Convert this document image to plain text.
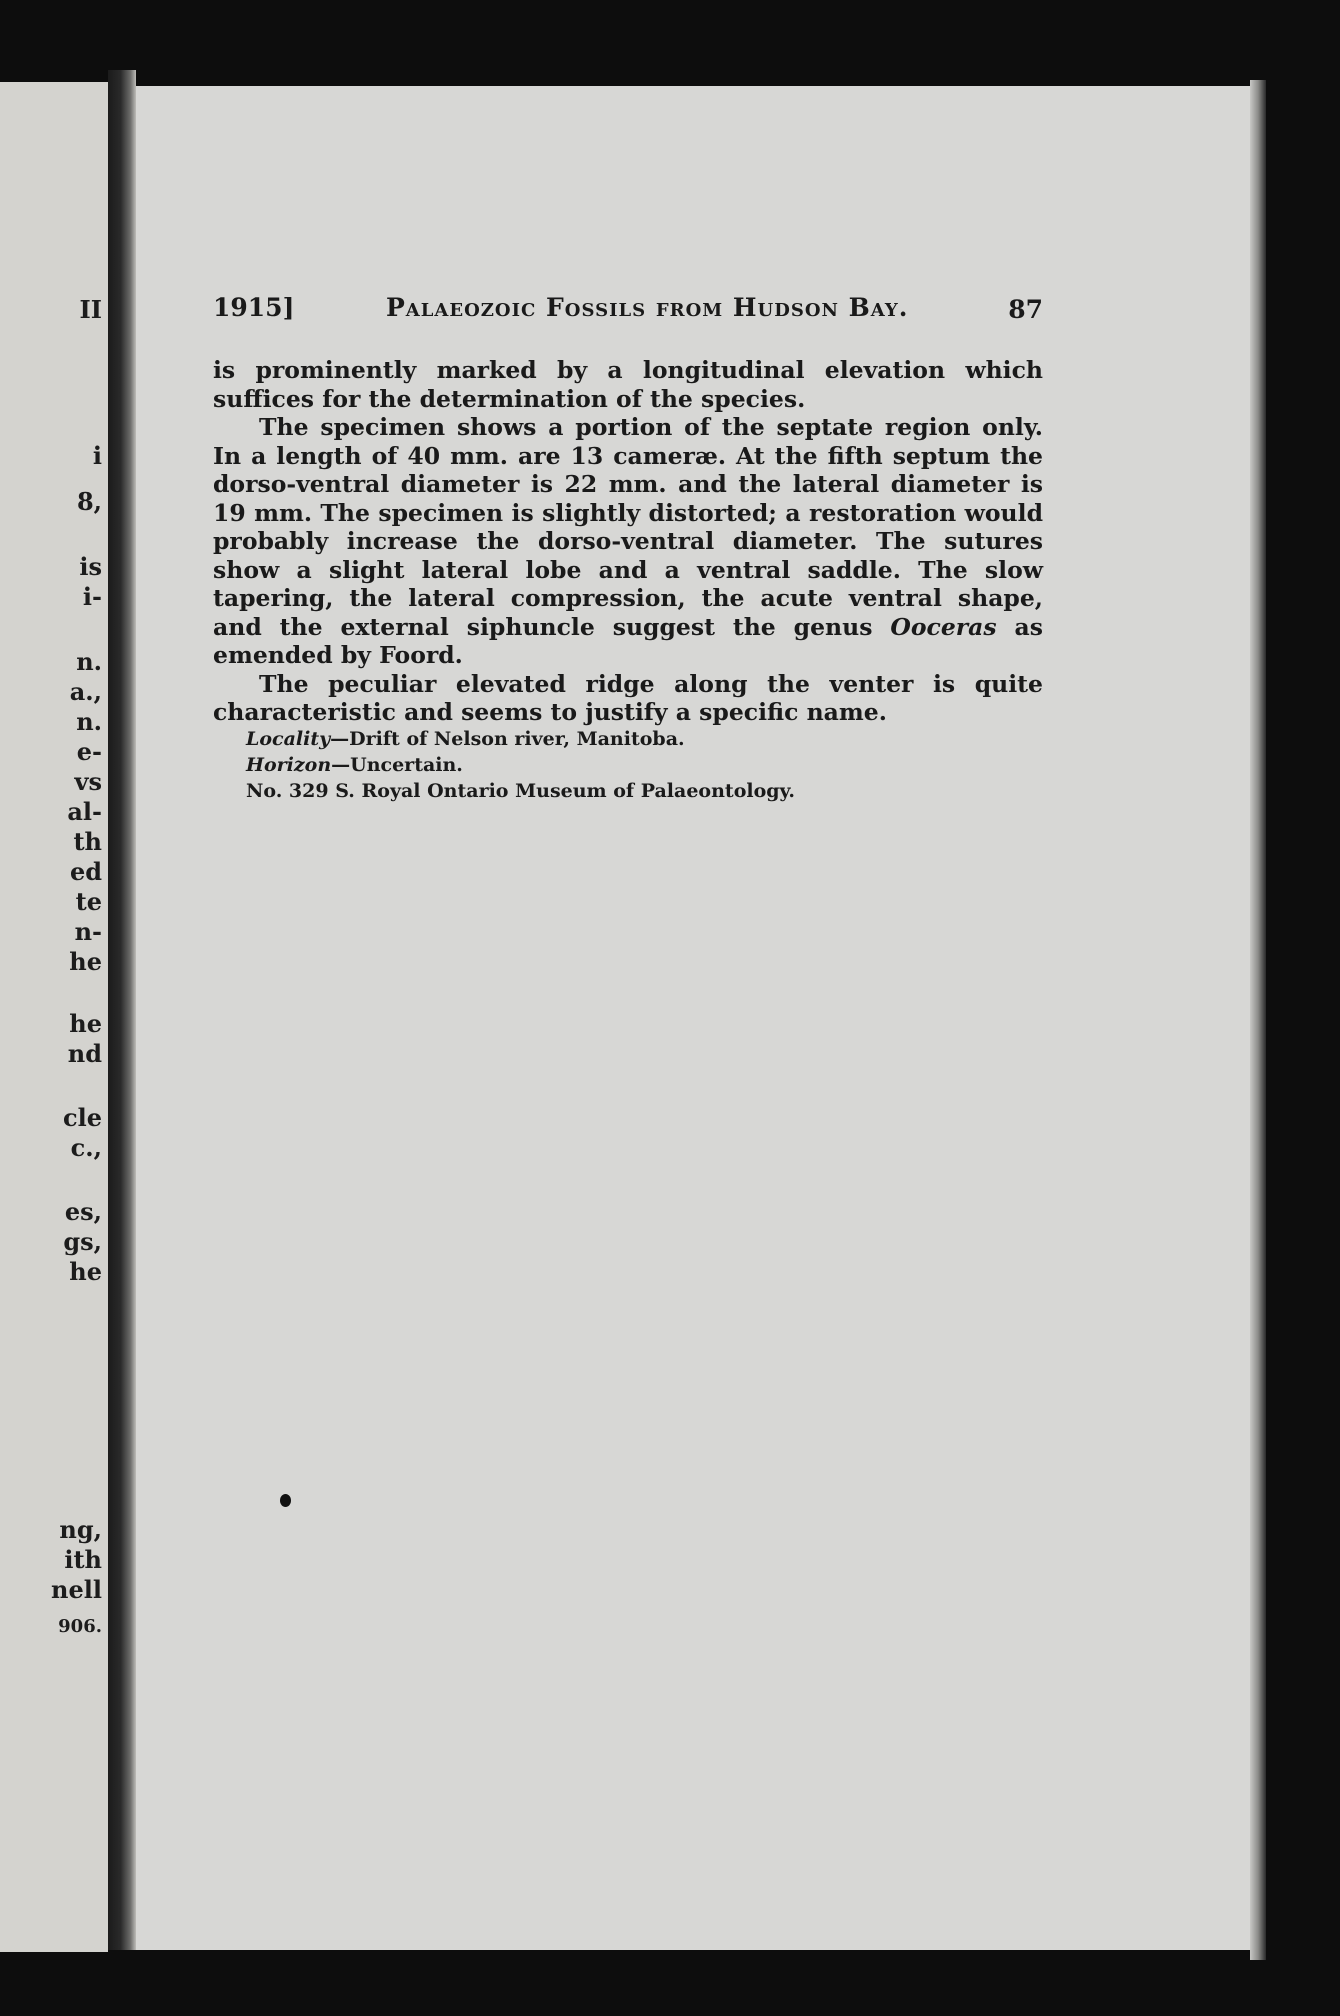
II
i
8,
is
i-
n.
a.,
n.
e-
vs
al-
th
ed
te
n-
he
he
nd
cle
c.,
es,
gs,
he
ng,
ith
nell
906.
1915]	Palaeozoic Fossils from Hudson Bay.	87

is prominently marked by a longitudinal elevation which suffices for the determination of the species.

The specimen shows a portion of the septate region only. In a length of 40 mm. are 13 cameræ. At the fifth septum the dorso-ventral diameter is 22 mm. and the lateral diameter is 19 mm. The specimen is slightly distorted; a restoration would probably increase the dorso-ventral diameter. The sutures show a slight lateral lobe and a ventral saddle. The slow tapering, the lateral compression, the acute ventral shape, and the external siphuncle suggest the genus Ooceras as emended by Foord.

The peculiar elevated ridge along the venter is quite characteristic and seems to justify a specific name.

Locality—Drift of Nelson river, Manitoba.
Horizon—Uncertain.
No. 329 S. Royal Ontario Museum of Palaeontology.
